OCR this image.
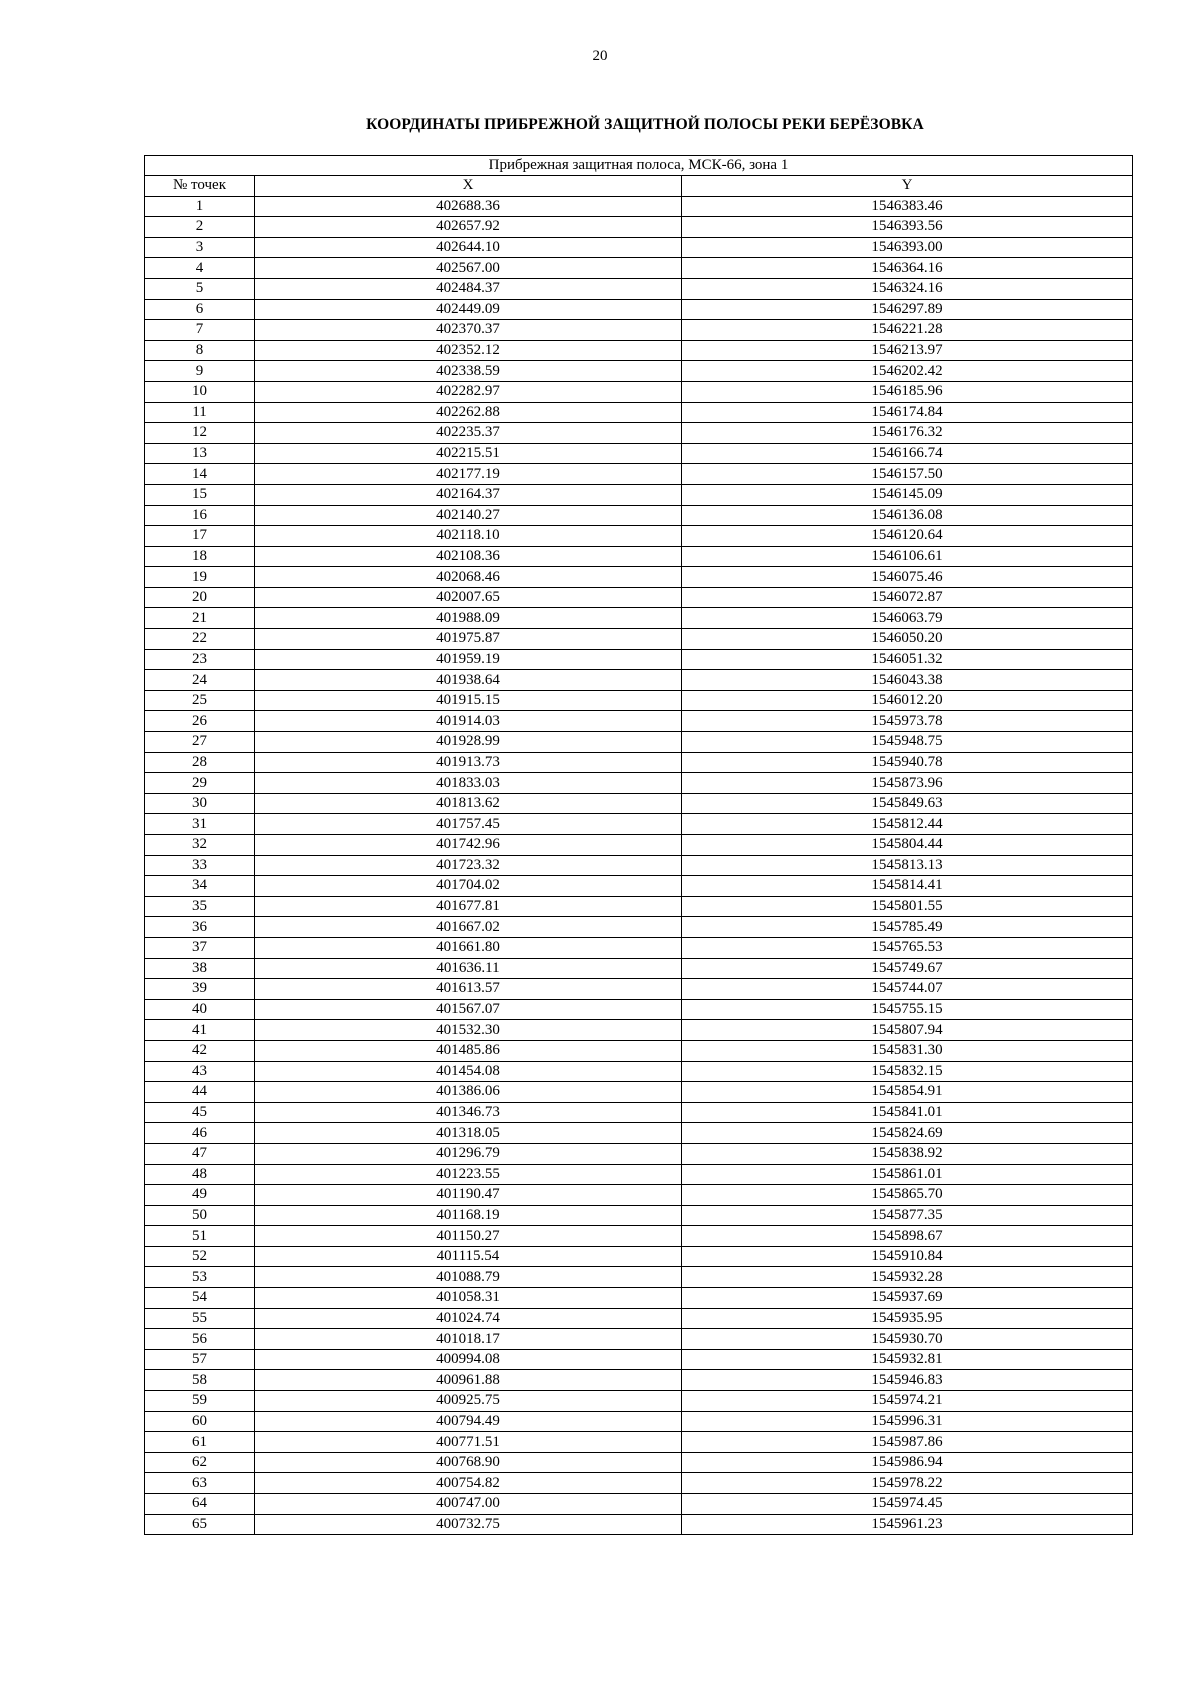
20
КООРДИНАТЫ ПРИБРЕЖНОЙ ЗАЩИТНОЙ ПОЛОСЫ РЕКИ БЕРЁЗОВКА
Прибрежная защитная полоса, МСК-66, зона 1		
№ точек	X	Y
1	402688.36	1546383.46
2	402657.92	1546393.56
3	402644.10	1546393.00
4	402567.00	1546364.16
5	402484.37	1546324.16
6	402449.09	1546297.89
7	402370.37	1546221.28
8	402352.12	1546213.97
9	402338.59	1546202.42
10	402282.97	1546185.96
11	402262.88	1546174.84
12	402235.37	1546176.32
13	402215.51	1546166.74
14	402177.19	1546157.50
15	402164.37	1546145.09
16	402140.27	1546136.08
17	402118.10	1546120.64
18	402108.36	1546106.61
19	402068.46	1546075.46
20	402007.65	1546072.87
21	401988.09	1546063.79
22	401975.87	1546050.20
23	401959.19	1546051.32
24	401938.64	1546043.38
25	401915.15	1546012.20
26	401914.03	1545973.78
27	401928.99	1545948.75
28	401913.73	1545940.78
29	401833.03	1545873.96
30	401813.62	1545849.63
31	401757.45	1545812.44
32	401742.96	1545804.44
33	401723.32	1545813.13
34	401704.02	1545814.41
35	401677.81	1545801.55
36	401667.02	1545785.49
37	401661.80	1545765.53
38	401636.11	1545749.67
39	401613.57	1545744.07
40	401567.07	1545755.15
41	401532.30	1545807.94
42	401485.86	1545831.30
43	401454.08	1545832.15
44	401386.06	1545854.91
45	401346.73	1545841.01
46	401318.05	1545824.69
47	401296.79	1545838.92
48	401223.55	1545861.01
49	401190.47	1545865.70
50	401168.19	1545877.35
51	401150.27	1545898.67
52	401115.54	1545910.84
53	401088.79	1545932.28
54	401058.31	1545937.69
55	401024.74	1545935.95
56	401018.17	1545930.70
57	400994.08	1545932.81
58	400961.88	1545946.83
59	400925.75	1545974.21
60	400794.49	1545996.31
61	400771.51	1545987.86
62	400768.90	1545986.94
63	400754.82	1545978.22
64	400747.00	1545974.45
65	400732.75	1545961.23
